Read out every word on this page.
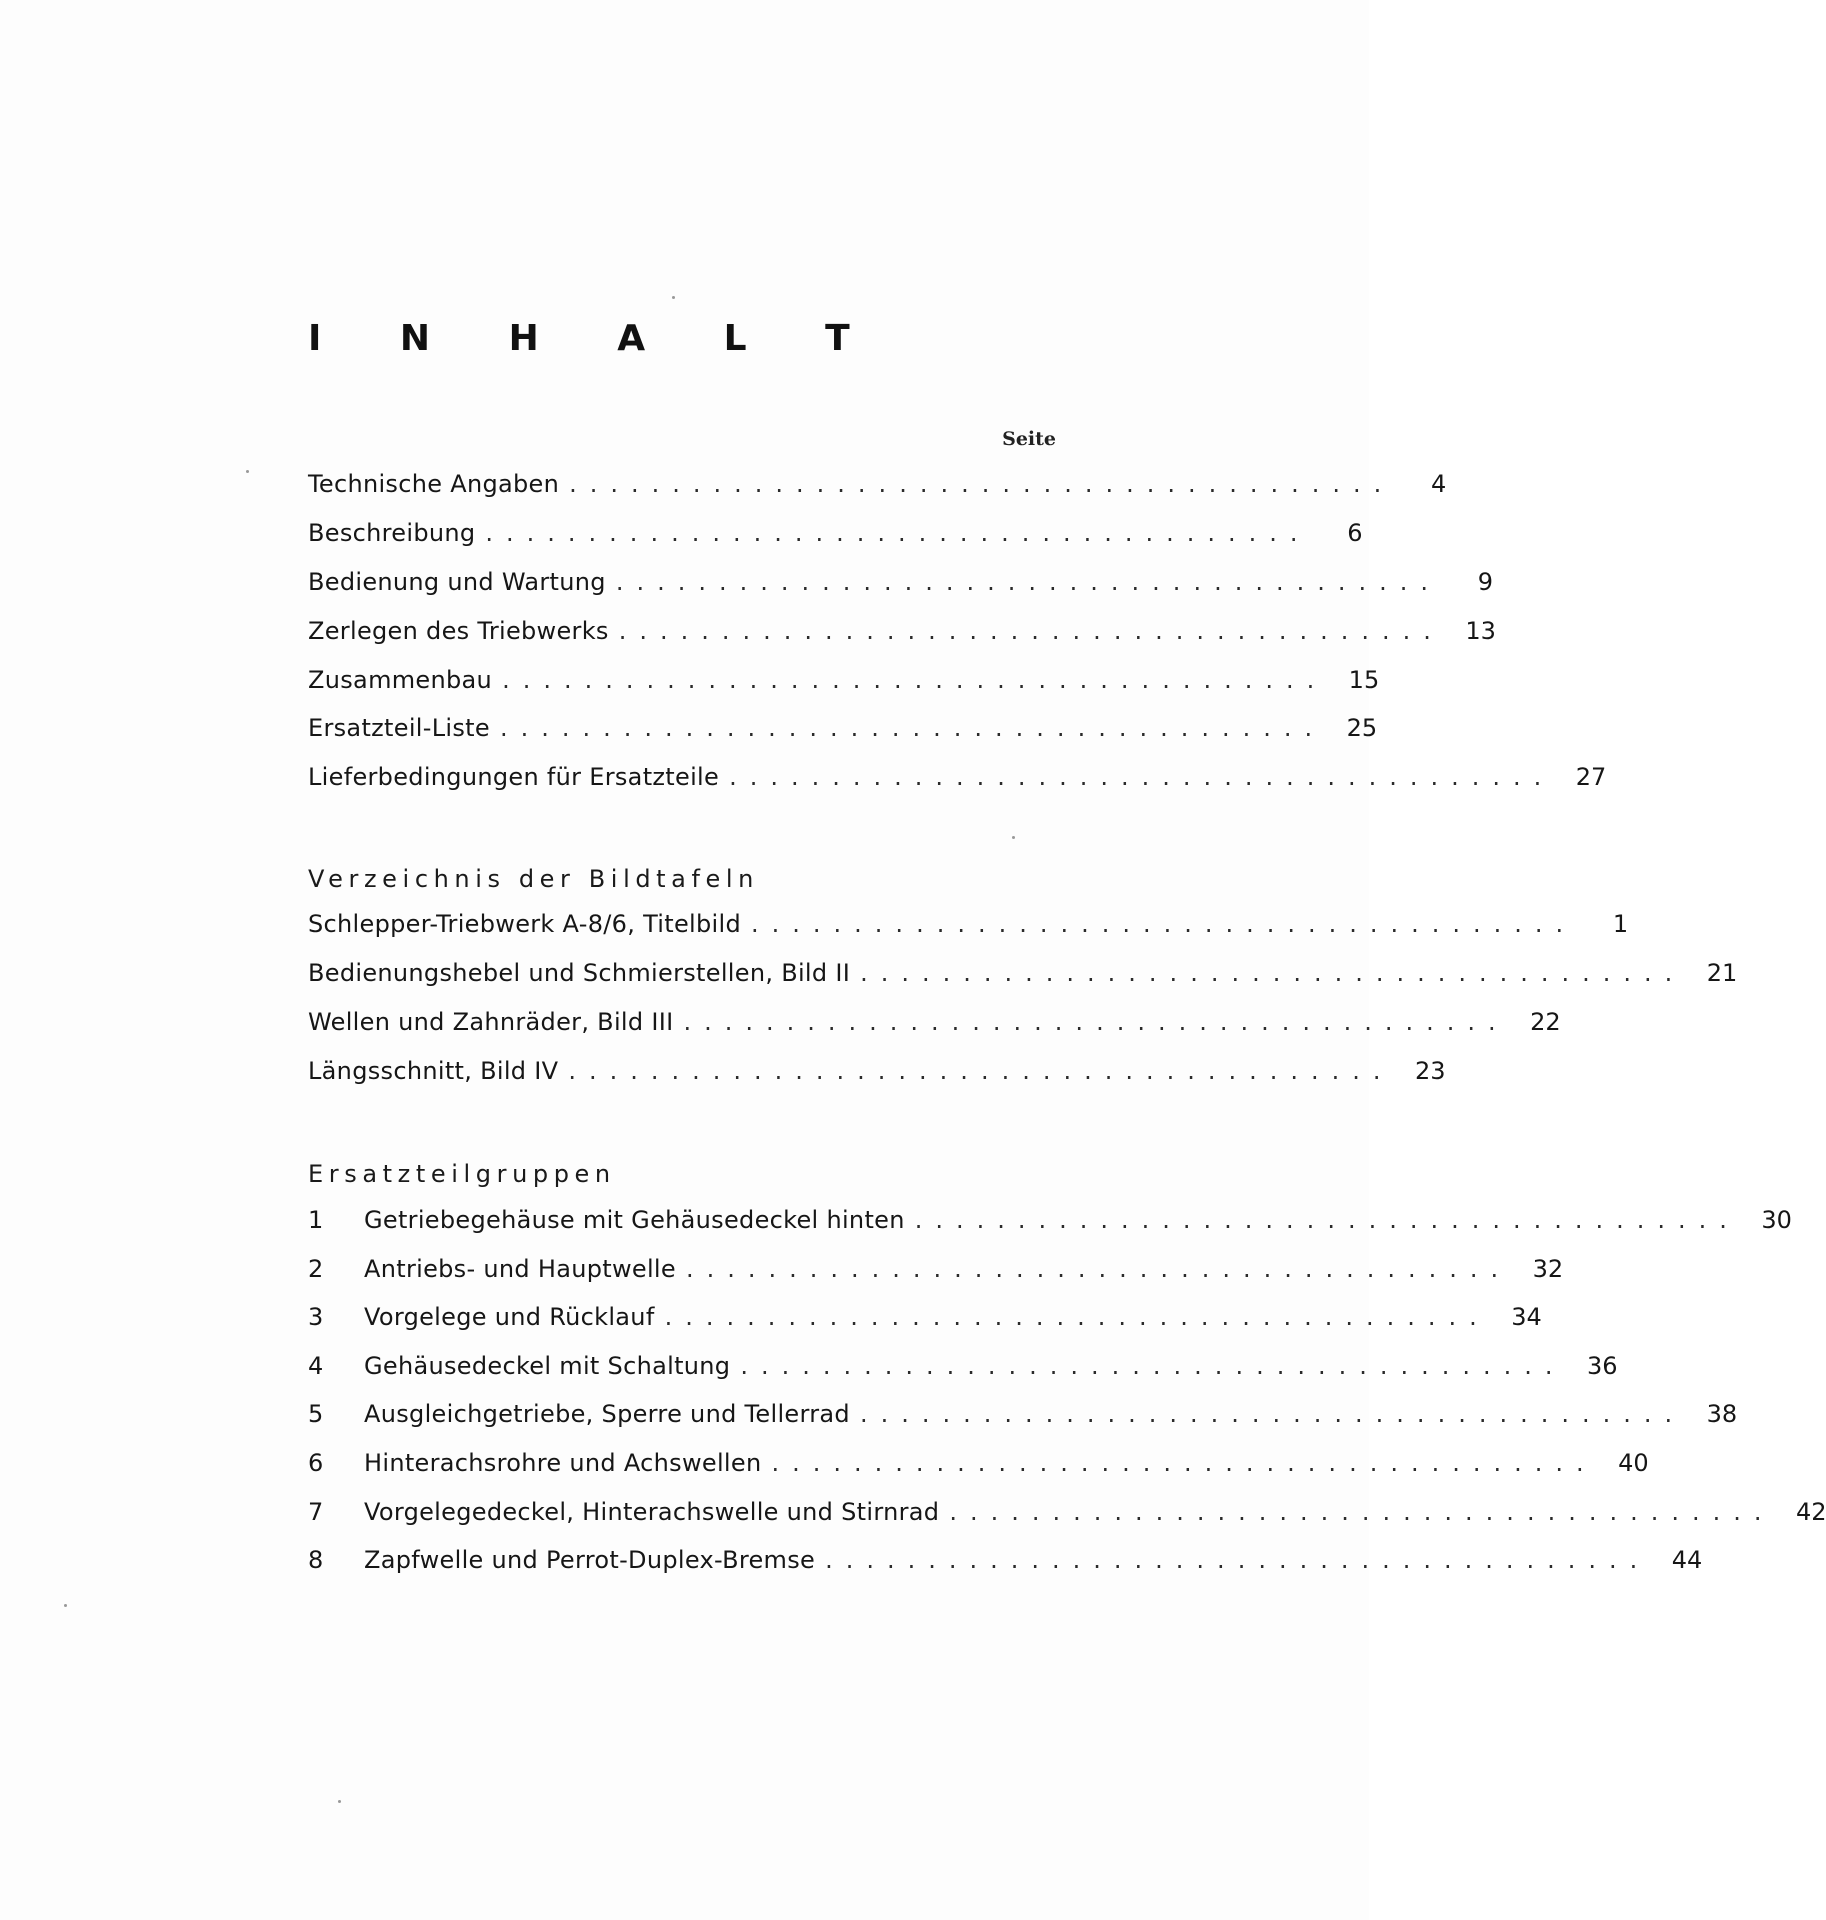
I N H A L T
Seite
Technische Angaben ........................................	4
Beschreibung ........................................	6
Bedienung und Wartung ........................................	9
Zerlegen des Triebwerks ........................................ 13
Zusammenbau ........................................ 15
Ersatzteil-Liste ........................................ 25
Lieferbedingungen für Ersatzteile ........................................ 27
Verzeichnis der Bildtafeln
Schlepper-Triebwerk A-8/6, Titelbild ........................................	1
Bedienungshebel und Schmierstellen, Bild II ........................................ 21
Wellen und Zahnräder, Bild III ........................................ 22
Längsschnitt, Bild IV ........................................ 23
Ersatzteilgruppen
1	Getriebegehäuse mit Gehäusedeckel hinten ........................................ 30
2	Antriebs- und Hauptwelle ........................................ 32
3	Vorgelege und Rücklauf ........................................ 34
4	Gehäusedeckel mit Schaltung ........................................ 36
5	Ausgleichgetriebe, Sperre und Tellerrad ........................................ 38
6	Hinterachsrohre und Achswellen ........................................ 40
7	Vorgelegedeckel, Hinterachswelle und Stirnrad ........................................ 42
8	Zapfwelle und Perrot-Duplex-Bremse ........................................ 44
